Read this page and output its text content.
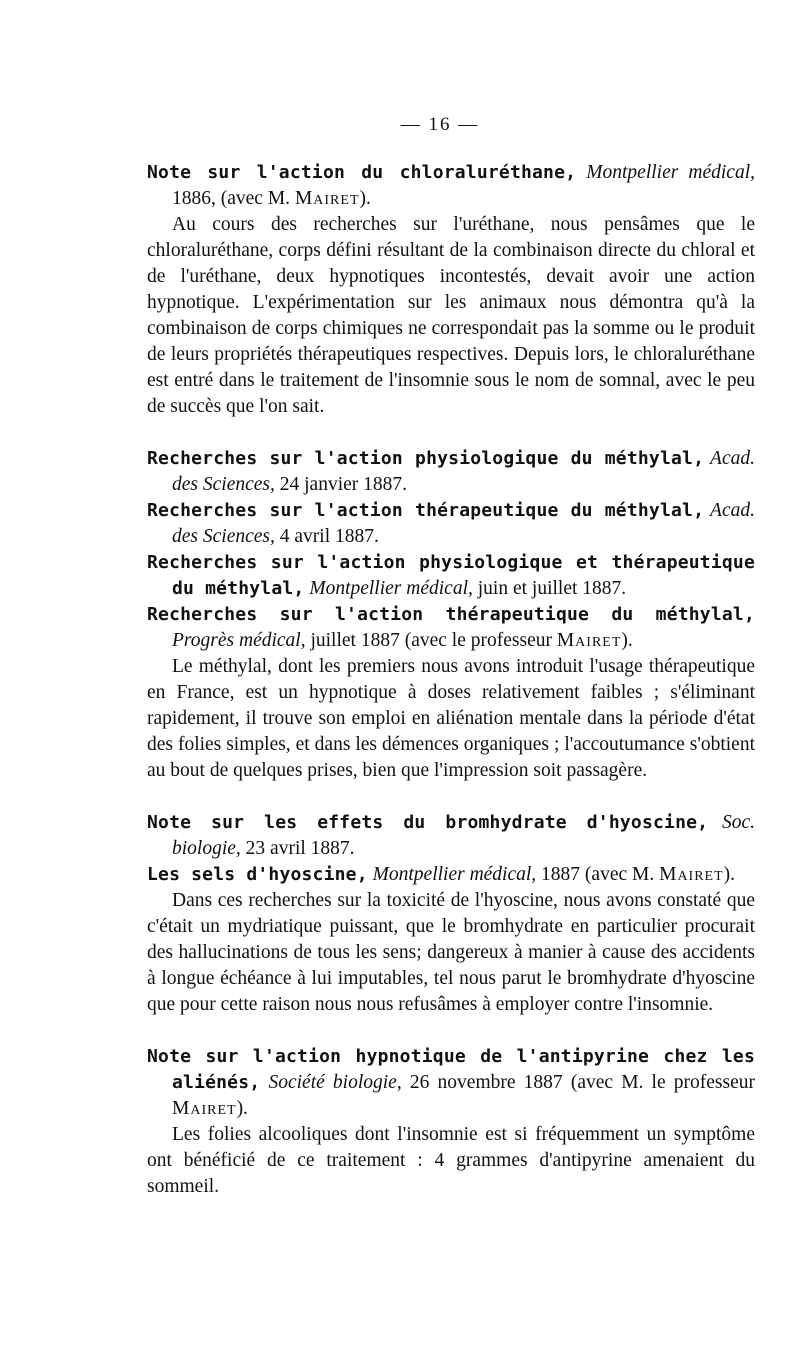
— 16 —

Note sur l'action du chloraluréthane, Montpellier médical, 1886, (avec M. Mairet).

Au cours des recherches sur l'uréthane, nous pensâmes que le chloraluréthane, corps défini résultant de la combinaison directe du chloral et de l'uréthane, deux hypnotiques incontestés, devait avoir une action hypnotique. L'expérimentation sur les animaux nous démontra qu'à la combinaison de corps chimiques ne correspondait pas la somme ou le produit de leurs propriétés thérapeutiques respectives. Depuis lors, le chloraluréthane est entré dans le traitement de l'insomnie sous le nom de somnal, avec le peu de succès que l'on sait.

Recherches sur l'action physiologique du méthylal, Acad. des Sciences, 24 janvier 1887.

Recherches sur l'action thérapeutique du méthylal, Acad. des Sciences, 4 avril 1887.

Recherches sur l'action physiologique et thérapeutique du méthylal, Montpellier médical, juin et juillet 1887.

Recherches sur l'action thérapeutique du méthylal, Progrès médical, juillet 1887 (avec le professeur Mairet).

Le méthylal, dont les premiers nous avons introduit l'usage thérapeutique en France, est un hypnotique à doses relativement faibles ; s'éliminant rapidement, il trouve son emploi en aliénation mentale dans la période d'état des folies simples, et dans les démences organiques ; l'accoutumance s'obtient au bout de quelques prises, bien que l'impression soit passagère.

Note sur les effets du bromhydrate d'hyoscine, Soc. biologie, 23 avril 1887.

Les sels d'hyoscine, Montpellier médical, 1887 (avec M. Mairet).

Dans ces recherches sur la toxicité de l'hyoscine, nous avons constaté que c'était un mydriatique puissant, que le bromhydrate en particulier procurait des hallucinations de tous les sens; dangereux à manier à cause des accidents à longue échéance à lui imputables, tel nous parut le bromhydrate d'hyoscine que pour cette raison nous nous refusâmes à employer contre l'insomnie.

Note sur l'action hypnotique de l'antipyrine chez les aliénés, Société biologie, 26 novembre 1887 (avec M. le professeur Mairet).

Les folies alcooliques dont l'insomnie est si fréquemment un symptôme ont bénéficié de ce traitement : 4 grammes d'antipyrine amenaient du sommeil.
